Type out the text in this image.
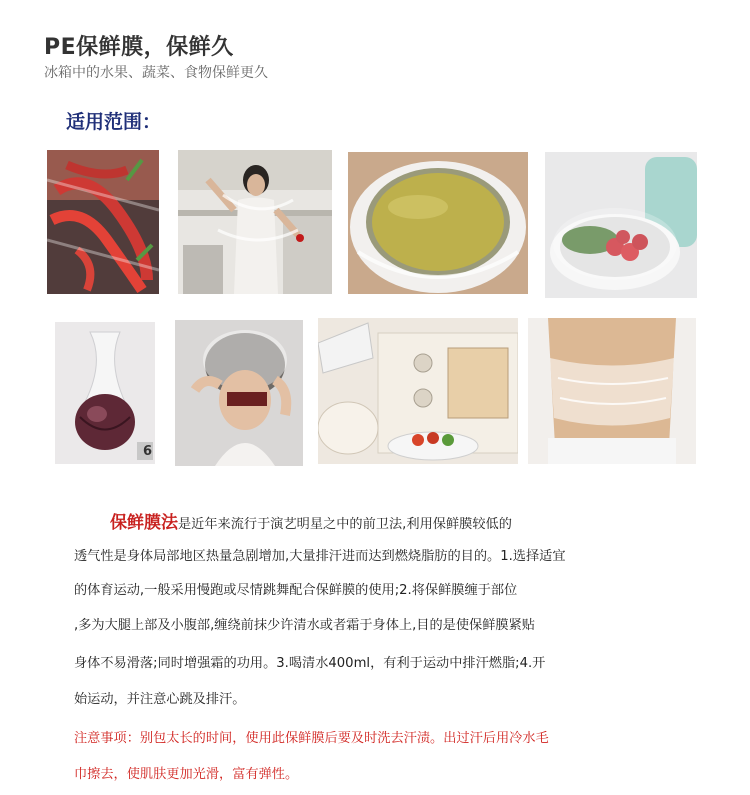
PE保鲜膜，保鲜久
冰箱中的水果、蔬菜、食物保鲜更久
适用范围：
6
保鲜膜法是近年来流行于演艺明星之中的前卫法,利用保鲜膜较低的
透气性是身体局部地区热量急剧增加,大量排汗进而达到燃烧脂肪的目的。1.选择适宜
的体育运动,一般采用慢跑或尽情跳舞配合保鲜膜的使用;2.将保鲜膜缠于部位
,多为大腿上部及小腹部,缠绕前抹少许清水或者霜于身体上,目的是使保鲜膜紧贴
身体不易滑落;同时增强霜的功用。3.喝清水400ml，有利于运动中排汗燃脂;4.开
始运动，并注意心跳及排汗。
注意事项：别包太长的时间，使用此保鲜膜后要及时洗去汗渍。出过汗后用冷水毛
巾擦去，使肌肤更加光滑，富有弹性。
